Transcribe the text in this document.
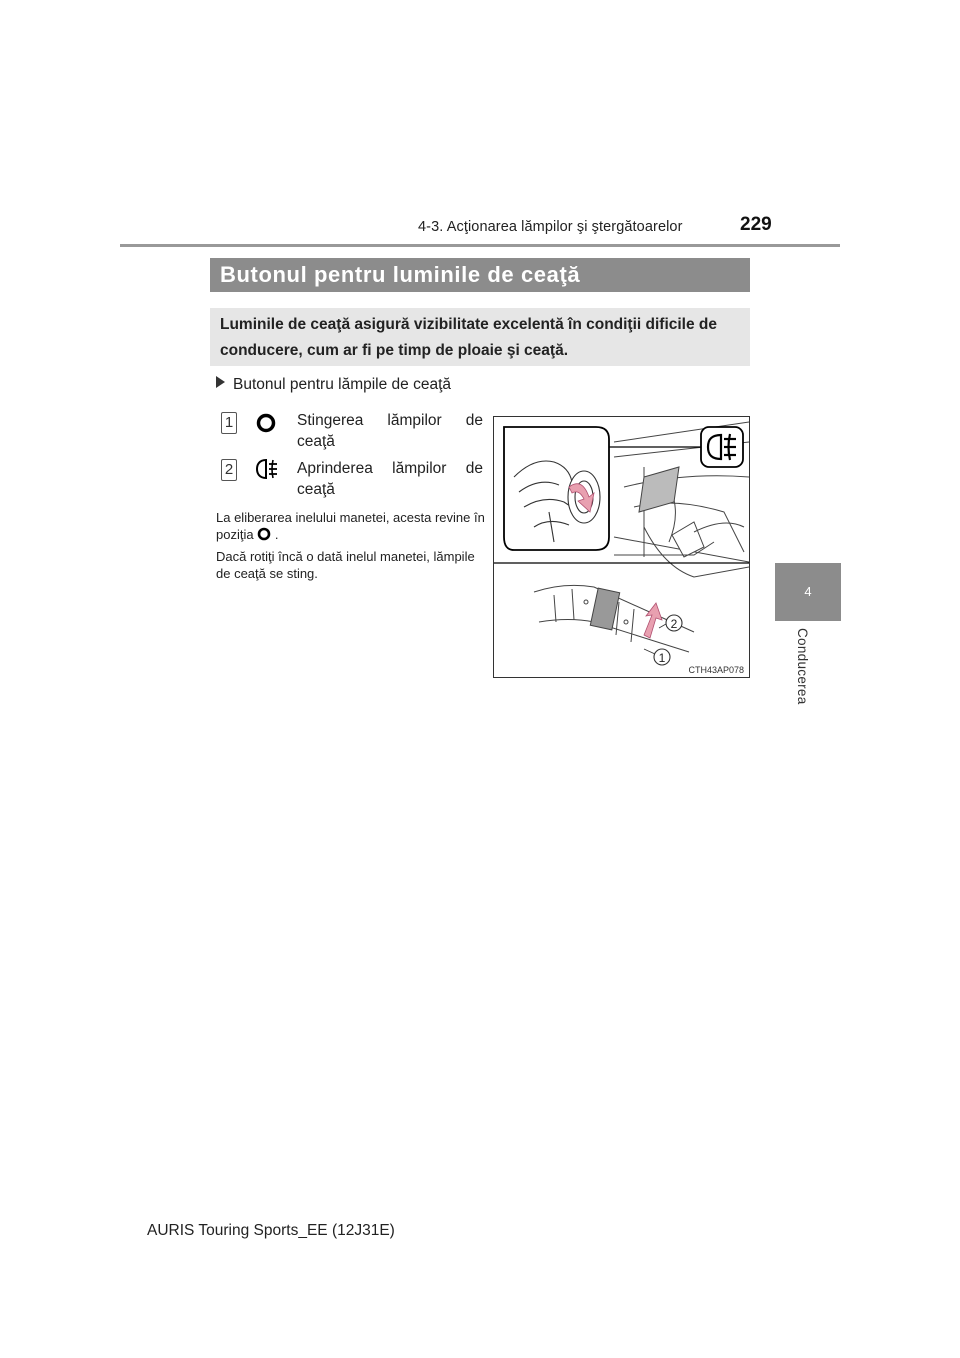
4-3. Acţionarea lămpilor şi ştergătoarelor	229
4
Conducerea
Butonul pentru luminile de ceaţă
Luminile de ceaţă asigură vizibilitate excelentă în condiţii dificile de conducere, cum ar fi pe timp de ploaie şi ceaţă.
Butonul pentru lămpile de ceaţă
1	Stingerea lămpilor de
ceaţă
2	Aprinderea lămpilor de
ceaţă
La eliberarea inelului manetei, acesta revine în poziţia .
Dacă rotiţi încă o dată inelul manetei, lămpile de ceaţă se sting.
2
1
CTH43AP078
AURIS Touring Sports_EE (12J31E)
